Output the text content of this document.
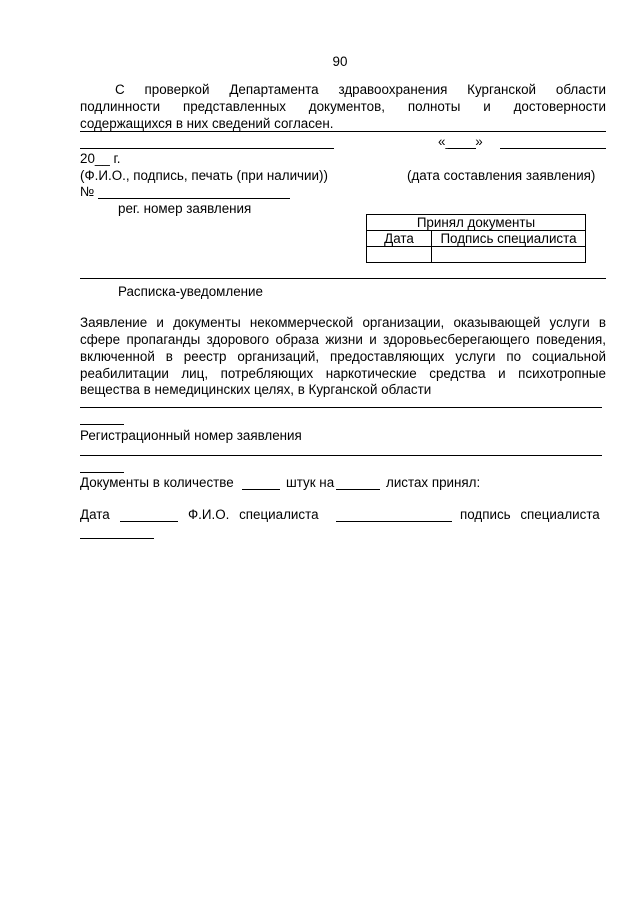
90
С проверкой Департамента здравоохранения Курганской области
подлинности представленных документов, полноты и достоверности
содержащихся в них сведений согласен.
«____»
20__ г.
(Ф.И.О., подпись, печать (при наличии))	(дата составления заявления)
№
рег. номер заявления
Принял документы	
Дата	Подпись специалиста

Расписка-уведомление
Заявление и документы некоммерческой организации, оказывающей услуги в
сфере пропаганды здорового образа жизни и здоровьесберегающего поведения,
включенной в реестр организаций, предоставляющих услуги по социальной
реабилитации лиц, потребляющих наркотические средства и психотропные
вещества в немедицинских целях, в Курганской области
Регистрационный номер заявления
Документы в количестве	штук на	листах принял:
Дата	Ф.И.О. специалиста	подпись специалиста
